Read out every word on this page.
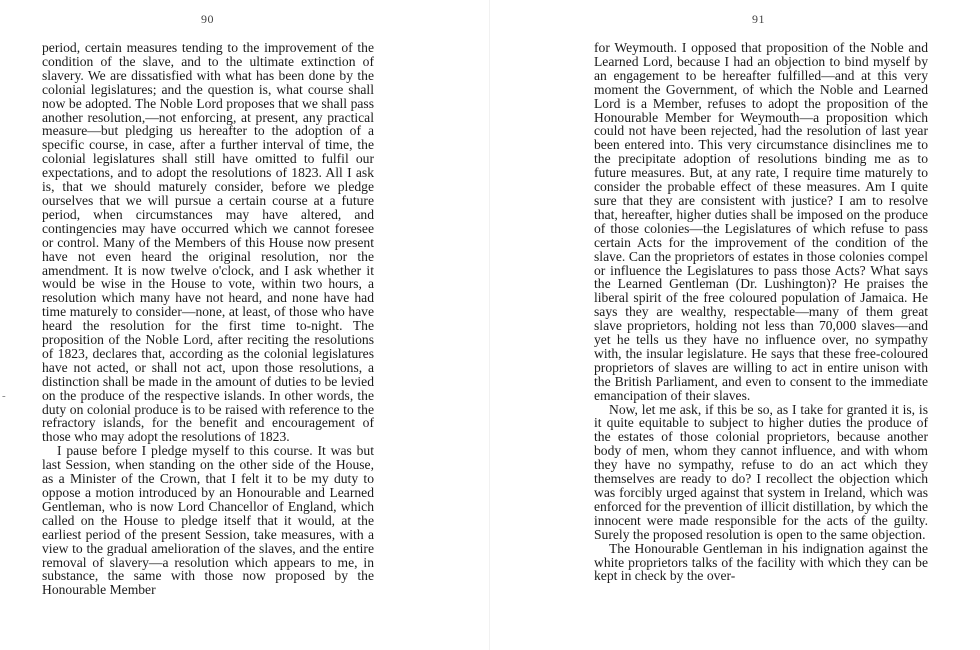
90
-

period, certain measures tending to the improvement of the condition of the slave, and to the ultimate extinction of slavery. We are dissatisfied with what has been done by the colonial legislatures; and the question is, what course shall now be adopted. The Noble Lord proposes that we shall pass another resolution,—not enforcing, at present, any practical measure—but pledging us hereafter to the adoption of a specific course, in case, after a further interval of time, the colonial legislatures shall still have omitted to fulfil our expectations, and to adopt the resolutions of 1823. All I ask is, that we should maturely consider, before we pledge ourselves that we will pursue a certain course at a future period, when circumstances may have altered, and contingencies may have occurred which we cannot foresee or control. Many of the Members of this House now present have not even heard the original resolution, nor the amendment. It is now twelve o'clock, and I ask whether it would be wise in the House to vote, within two hours, a resolution which many have not heard, and none have had time maturely to consider—none, at least, of those who have heard the resolution for the first time to-night. The proposition of the Noble Lord, after reciting the resolutions of 1823, declares that, according as the colonial legislatures have not acted, or shall not act, upon those resolutions, a distinction shall be made in the amount of duties to be levied on the produce of the respective islands. In other words, the duty on colonial produce is to be raised with reference to the refractory islands, for the benefit and encouragement of those who may adopt the resolutions of 1823.

I pause before I pledge myself to this course. It was but last Session, when standing on the other side of the House, as a Minister of the Crown, that I felt it to be my duty to oppose a motion introduced by an Honourable and Learned Gentleman, who is now Lord Chancellor of England, which called on the House to pledge itself that it would, at the earliest period of the present Session, take measures, with a view to the gradual amelioration of the slaves, and the entire removal of slavery—a resolution which appears to me, in substance, the same with those now proposed by the Honourable Member

91

for Weymouth. I opposed that proposition of the Noble and Learned Lord, because I had an objection to bind myself by an engagement to be hereafter fulfilled—and at this very moment the Government, of which the Noble and Learned Lord is a Member, refuses to adopt the proposition of the Honourable Member for Weymouth—a proposition which could not have been rejected, had the resolution of last year been entered into. This very circumstance disinclines me to the precipitate adoption of resolutions binding me as to future measures. But, at any rate, I require time maturely to consider the probable effect of these measures. Am I quite sure that they are consistent with justice? I am to resolve that, hereafter, higher duties shall be imposed on the produce of those colonies—the Legislatures of which refuse to pass certain Acts for the improvement of the condition of the slave. Can the proprietors of estates in those colonies compel or influence the Legislatures to pass those Acts? What says the Learned Gentleman (Dr. Lushington)? He praises the liberal spirit of the free coloured population of Jamaica. He says they are wealthy, respectable—many of them great slave proprietors, holding not less than 70,000 slaves—and yet he tells us they have no influence over, no sympathy with, the insular legislature. He says that these free-coloured proprietors of slaves are willing to act in entire unison with the British Parliament, and even to consent to the immediate emancipation of their slaves.

Now, let me ask, if this be so, as I take for granted it is, is it quite equitable to subject to higher duties the produce of the estates of those colonial proprietors, because another body of men, whom they cannot influence, and with whom they have no sympathy, refuse to do an act which they themselves are ready to do? I recollect the objection which was forcibly urged against that system in Ireland, which was enforced for the prevention of illicit distillation, by which the innocent were made responsible for the acts of the guilty. Surely the proposed resolution is open to the same objection.

The Honourable Gentleman in his indignation against the white proprietors talks of the facility with which they can be kept in check by the over-
